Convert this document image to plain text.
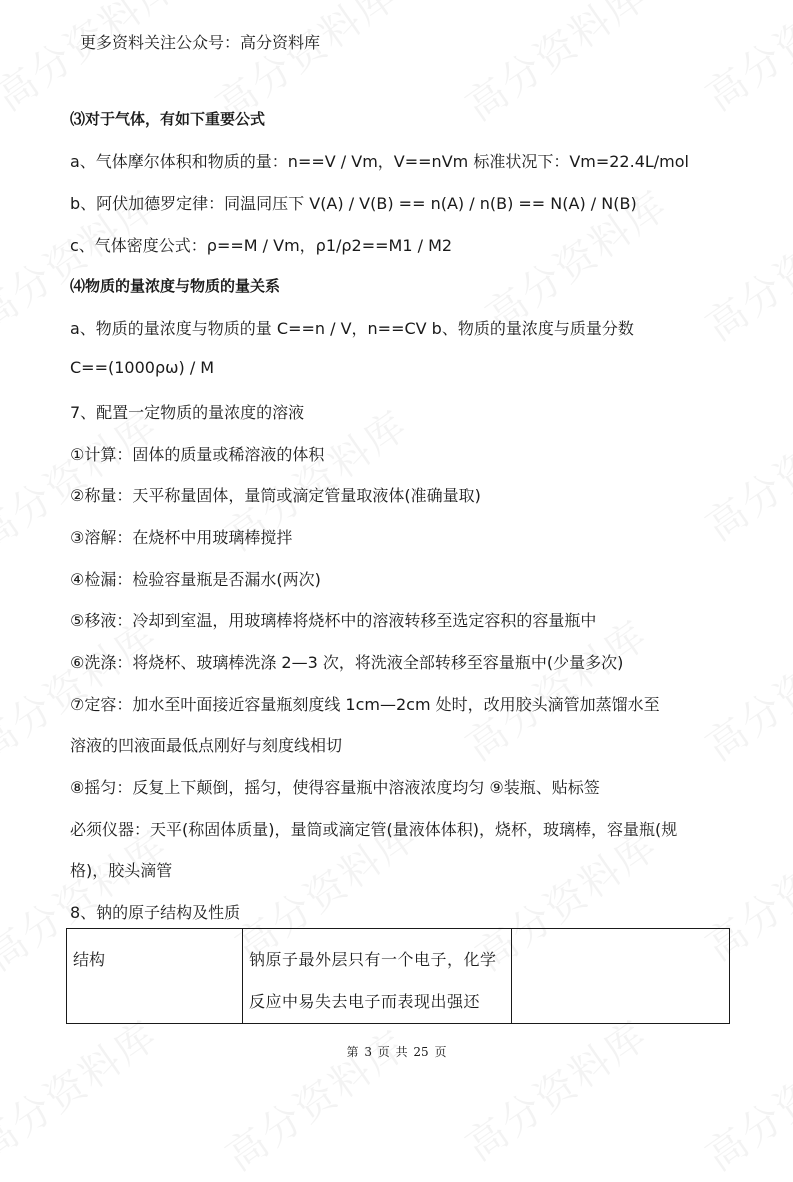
更多资料关注公众号：高分资料库
⑶对于气体，有如下重要公式
a、气体摩尔体积和物质的量：n==V / Vm，V==nVm 标准状况下：Vm=22.4L/mol
b、阿伏加德罗定律：同温同压下 V(A) / V(B) == n(A) / n(B) == N(A) / N(B)
c、气体密度公式：ρ==M / Vm，ρ1/ρ2==M1 / M2
⑷物质的量浓度与物质的量关系
a、物质的量浓度与物质的量 C==n / V，n==CV b、物质的量浓度与质量分数
C==(1000ρω) / M
7、配置一定物质的量浓度的溶液
①计算：固体的质量或稀溶液的体积
②称量：天平称量固体，量筒或滴定管量取液体(准确量取)
③溶解：在烧杯中用玻璃棒搅拌
④检漏：检验容量瓶是否漏水(两次)
⑤移液：冷却到室温，用玻璃棒将烧杯中的溶液转移至选定容积的容量瓶中
⑥洗涤：将烧杯、玻璃棒洗涤 2—3 次，将洗液全部转移至容量瓶中(少量多次)
⑦定容：加水至叶面接近容量瓶刻度线 1cm—2cm 处时，改用胶头滴管加蒸馏水至
溶液的凹液面最低点刚好与刻度线相切
⑧摇匀：反复上下颠倒，摇匀，使得容量瓶中溶液浓度均匀 ⑨装瓶、贴标签
必须仪器：天平(称固体质量)，量筒或滴定管(量液体体积)，烧杯，玻璃棒，容量瓶(规
格)，胶头滴管
8、钠的原子结构及性质
结构	钠原子最外层只有一个电子，化学
反应中易失去电子而表现出强还

第 3 页 共 25 页
